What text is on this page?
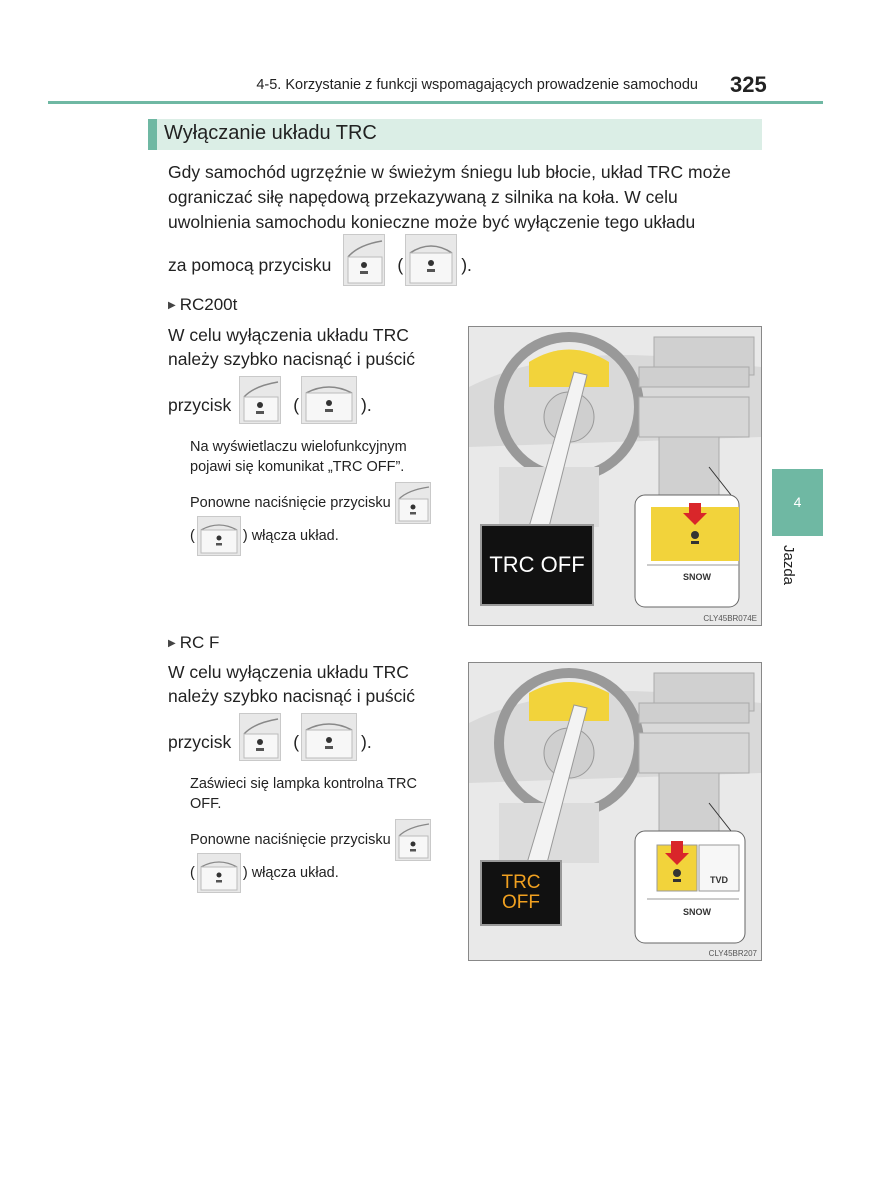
4-5. Korzystanie z funkcji wspomagających prowadzenie samochodu 325
Wyłączanie układu TRC
Gdy samochód ugrzęźnie w świeżym śniegu lub błocie, układ TRC może
ograniczać siłę napędową przekazywaną z silnika na koła. W celu
uwolnienia samochodu konieczne może być wyłączenie tego układu
za pomocą przycisku	(	).
▶ RC200t
W celu wyłączenia układu TRC
należy szybko nacisnąć i puścić
przycisk	(	).
Na wyświetlaczu wielofunkcyjnym
pojawi się komunikat „TRC OFF”.
Ponowne naciśnięcie przycisku
(	) włącza układ.
TRC OFF	SNOW
CLY45BR074E
▶ RC F
W celu wyłączenia układu TRC
należy szybko nacisnąć i puścić
przycisk	(	).
Zaświeci się lampka kontrolna TRC
OFF.
Ponowne naciśnięcie przycisku
(	) włącza układ.	TRC
OFF
TVD
SNOW
CLY45BR207
4
Jazda
